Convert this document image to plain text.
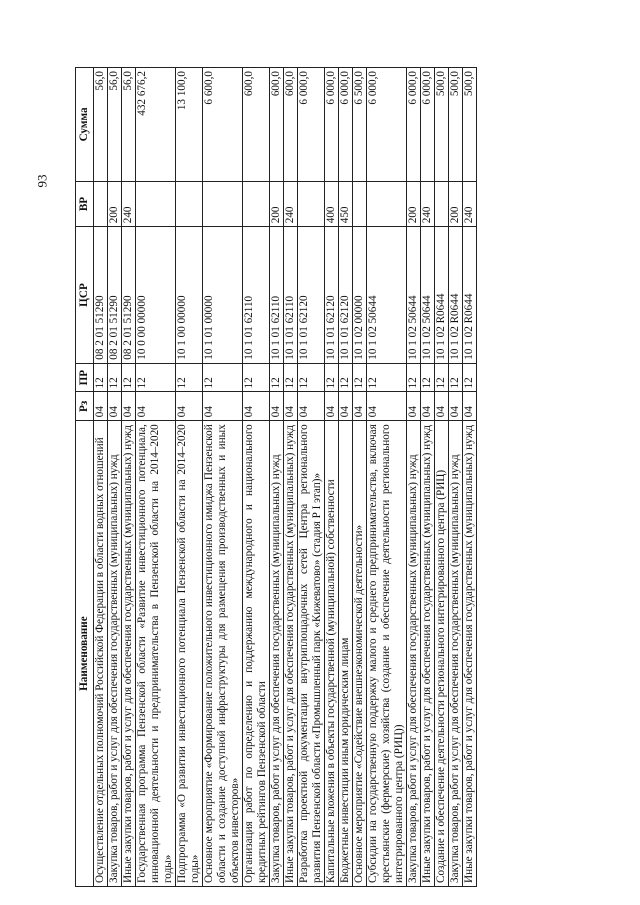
93
Наименование	Рз	ПР	ЦСР	ВР	Сумма
Осуществление отдельных полномочий Российской Федерации в области водных отношений	04	12	08 2 01 51290		56,0
Закупка товаров, работ и услуг для обеспечения государственных (муниципальных) нужд	04	12	08 2 01 51290	200	56,0
Иные закупки товаров, работ и услуг для обеспечения государственных (муниципальных) нужд	04	12	08 2 01 51290	240	56,0
Государственная программа Пензенской области «Развитие инвестиционного потенциала, инновационной деятельности и предпринимательства в Пензенской области на 2014–2020 годы»	04	12	10 0 00 00000		432 676,2
Подпрограмма «О развитии инвестиционного потенциала Пензенской области на 2014–2020 годы»	04	12	10 1 00 00000		13 100,0
Основное мероприятие «Формирование положительного инвестиционного имиджа Пензенской области и создание доступной инфраструктуры для размещения производственных и иных объектов инвесторов»	04	12	10 1 01 00000		6 600,0
Организация работ по определению и поддержанию международного и национального кредитных рейтингов Пензенской области	04	12	10 1 01 62110		600,0
Закупка товаров, работ и услуг для обеспечения государственных (муниципальных) нужд	04	12	10 1 01 62110	200	600,0
Иные закупки товаров, работ и услуг для обеспечения государственных (муниципальных) нужд	04	12	10 1 01 62110	240	600,0
Разработка проектной документации внутриплощадочных сетей Центра регионального развития Пензенской области «Промышленный парк «Кижеватово» (стадия Р I этап)»	04	12	10 1 01 62120		6 000,0
Капитальные вложения в объекты государственной (муниципальной) собственности	04	12	10 1 01 62120	400	6 000,0
Бюджетные инвестиции иным юридическим лицам	04	12	10 1 01 62120	450	6 000,0
Основное мероприятие «Содействие внешнеэкономической деятельности»	04	12	10 1 02 00000		6 500,0
Субсидии на государственную поддержку малого и среднего предпринимательства, включая крестьянские (фермерские) хозяйства (создание и обеспечение деятельности регионального интегрированного центра (РИЦ))	04	12	10 1 02 50644		6 000,0
Закупка товаров, работ и услуг для обеспечения государственных (муниципальных) нужд	04	12	10 1 02 50644	200	6 000,0
Иные закупки товаров, работ и услуг для обеспечения государственных (муниципальных) нужд	04	12	10 1 02 50644	240	6 000,0
Создание и обеспечение деятельности регионального интегрированного центра (РИЦ)	04	12	10 1 02 R0644		500,0
Закупка товаров, работ и услуг для обеспечения государственных (муниципальных) нужд	04	12	10 1 02 R0644	200	500,0
Иные закупки товаров, работ и услуг для обеспечения государственных (муниципальных) нужд	04	12	10 1 02 R0644	240	500,0
